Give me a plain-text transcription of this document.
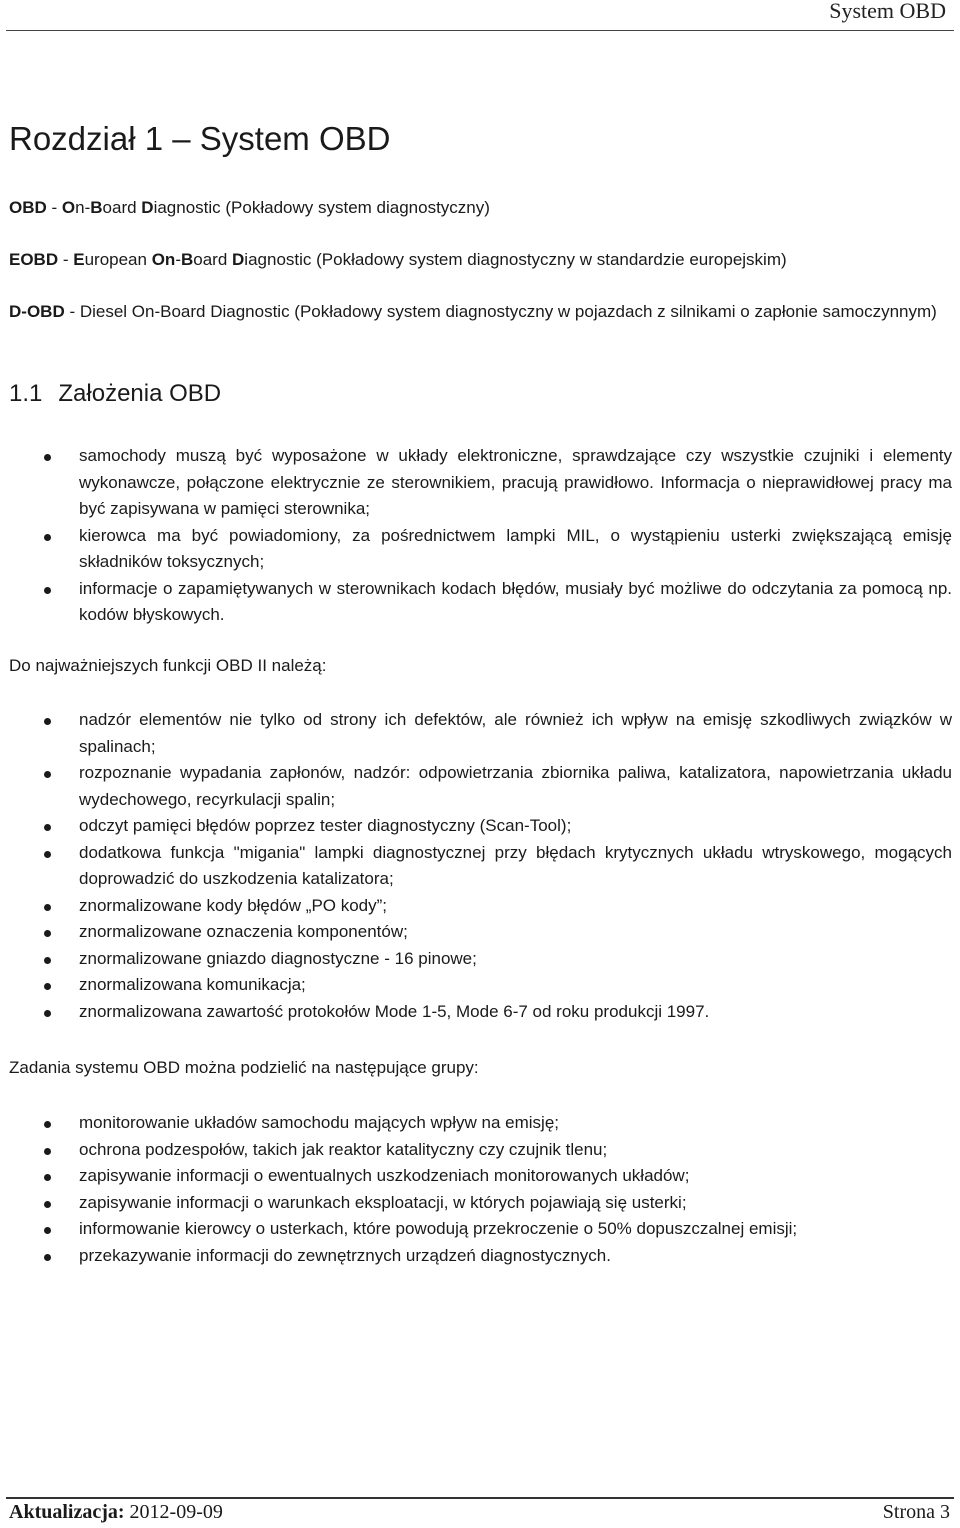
System OBD
Rozdział 1 – System OBD

OBD - On-Board Diagnostic (Pokładowy system diagnostyczny)

EOBD - European On-Board Diagnostic (Pokładowy system diagnostyczny w standardzie europejskim)

D-OBD - Diesel On-Board Diagnostic (Pokładowy system diagnostyczny w pojazdach z silnikami o zapłonie samoczynnym)

1.1 Założenia OBD
samochody muszą być wyposażone w układy elektroniczne, sprawdzające czy wszystkie czujniki i elementy wykonawcze, połączone elektrycznie ze sterownikiem, pracują prawidłowo. Informacja o nieprawidłowej pracy ma być zapisywana w pamięci sterownika;
kierowca ma być powiadomiony, za pośrednictwem lampki MIL, o wystąpieniu usterki zwiększającą emisję składników toksycznych;
informacje o zapamiętywanych w sterownikach kodach błędów, musiały być możliwe do odczytania za pomocą np. kodów błyskowych.

Do najważniejszych funkcji OBD II należą:

nadzór elementów nie tylko od strony ich defektów, ale również ich wpływ na emisję szkodliwych związków w spalinach;
rozpoznanie wypadania zapłonów, nadzór: odpowietrzania zbiornika paliwa, katalizatora, napowietrzania układu wydechowego, recyrkulacji spalin;
odczyt pamięci błędów poprzez tester diagnostyczny (Scan-Tool);
dodatkowa funkcja "migania" lampki diagnostycznej przy błędach krytycznych układu wtryskowego, mogących doprowadzić do uszkodzenia katalizatora;
znormalizowane kody błędów „PO kody”;
znormalizowane oznaczenia komponentów;
znormalizowane gniazdo diagnostyczne - 16 pinowe;
znormalizowana komunikacja;
znormalizowana zawartość protokołów Mode 1-5, Mode 6-7 od roku produkcji 1997.

Zadania systemu OBD można podzielić na następujące grupy:

monitorowanie układów samochodu mających wpływ na emisję;
ochrona podzespołów, takich jak reaktor katalityczny czy czujnik tlenu;
zapisywanie informacji o ewentualnych uszkodzeniach monitorowanych układów;
zapisywanie informacji o warunkach eksploatacji, w których pojawiają się usterki;
informowanie kierowcy o usterkach, które powodują przekroczenie o 50% dopuszczalnej emisji;
przekazywanie informacji do zewnętrznych urządzeń diagnostycznych.
Aktualizacja: 2012-09-09	Strona 3
